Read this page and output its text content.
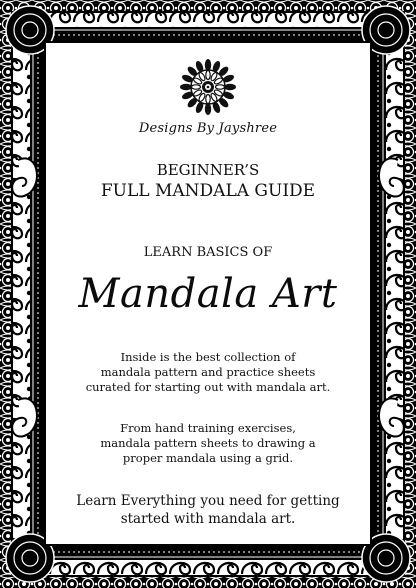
Designs By Jayshree
BEGINNER’S
FULL MANDALA GUIDE
LEARN BASICS OF
Mandala Art
Inside is the best collection of
mandala pattern and practice sheets
curated for starting out with mandala art.
From hand training exercises,
mandala pattern sheets to drawing a
proper mandala using a grid.
Learn Everything you need for getting
started with mandala art.
